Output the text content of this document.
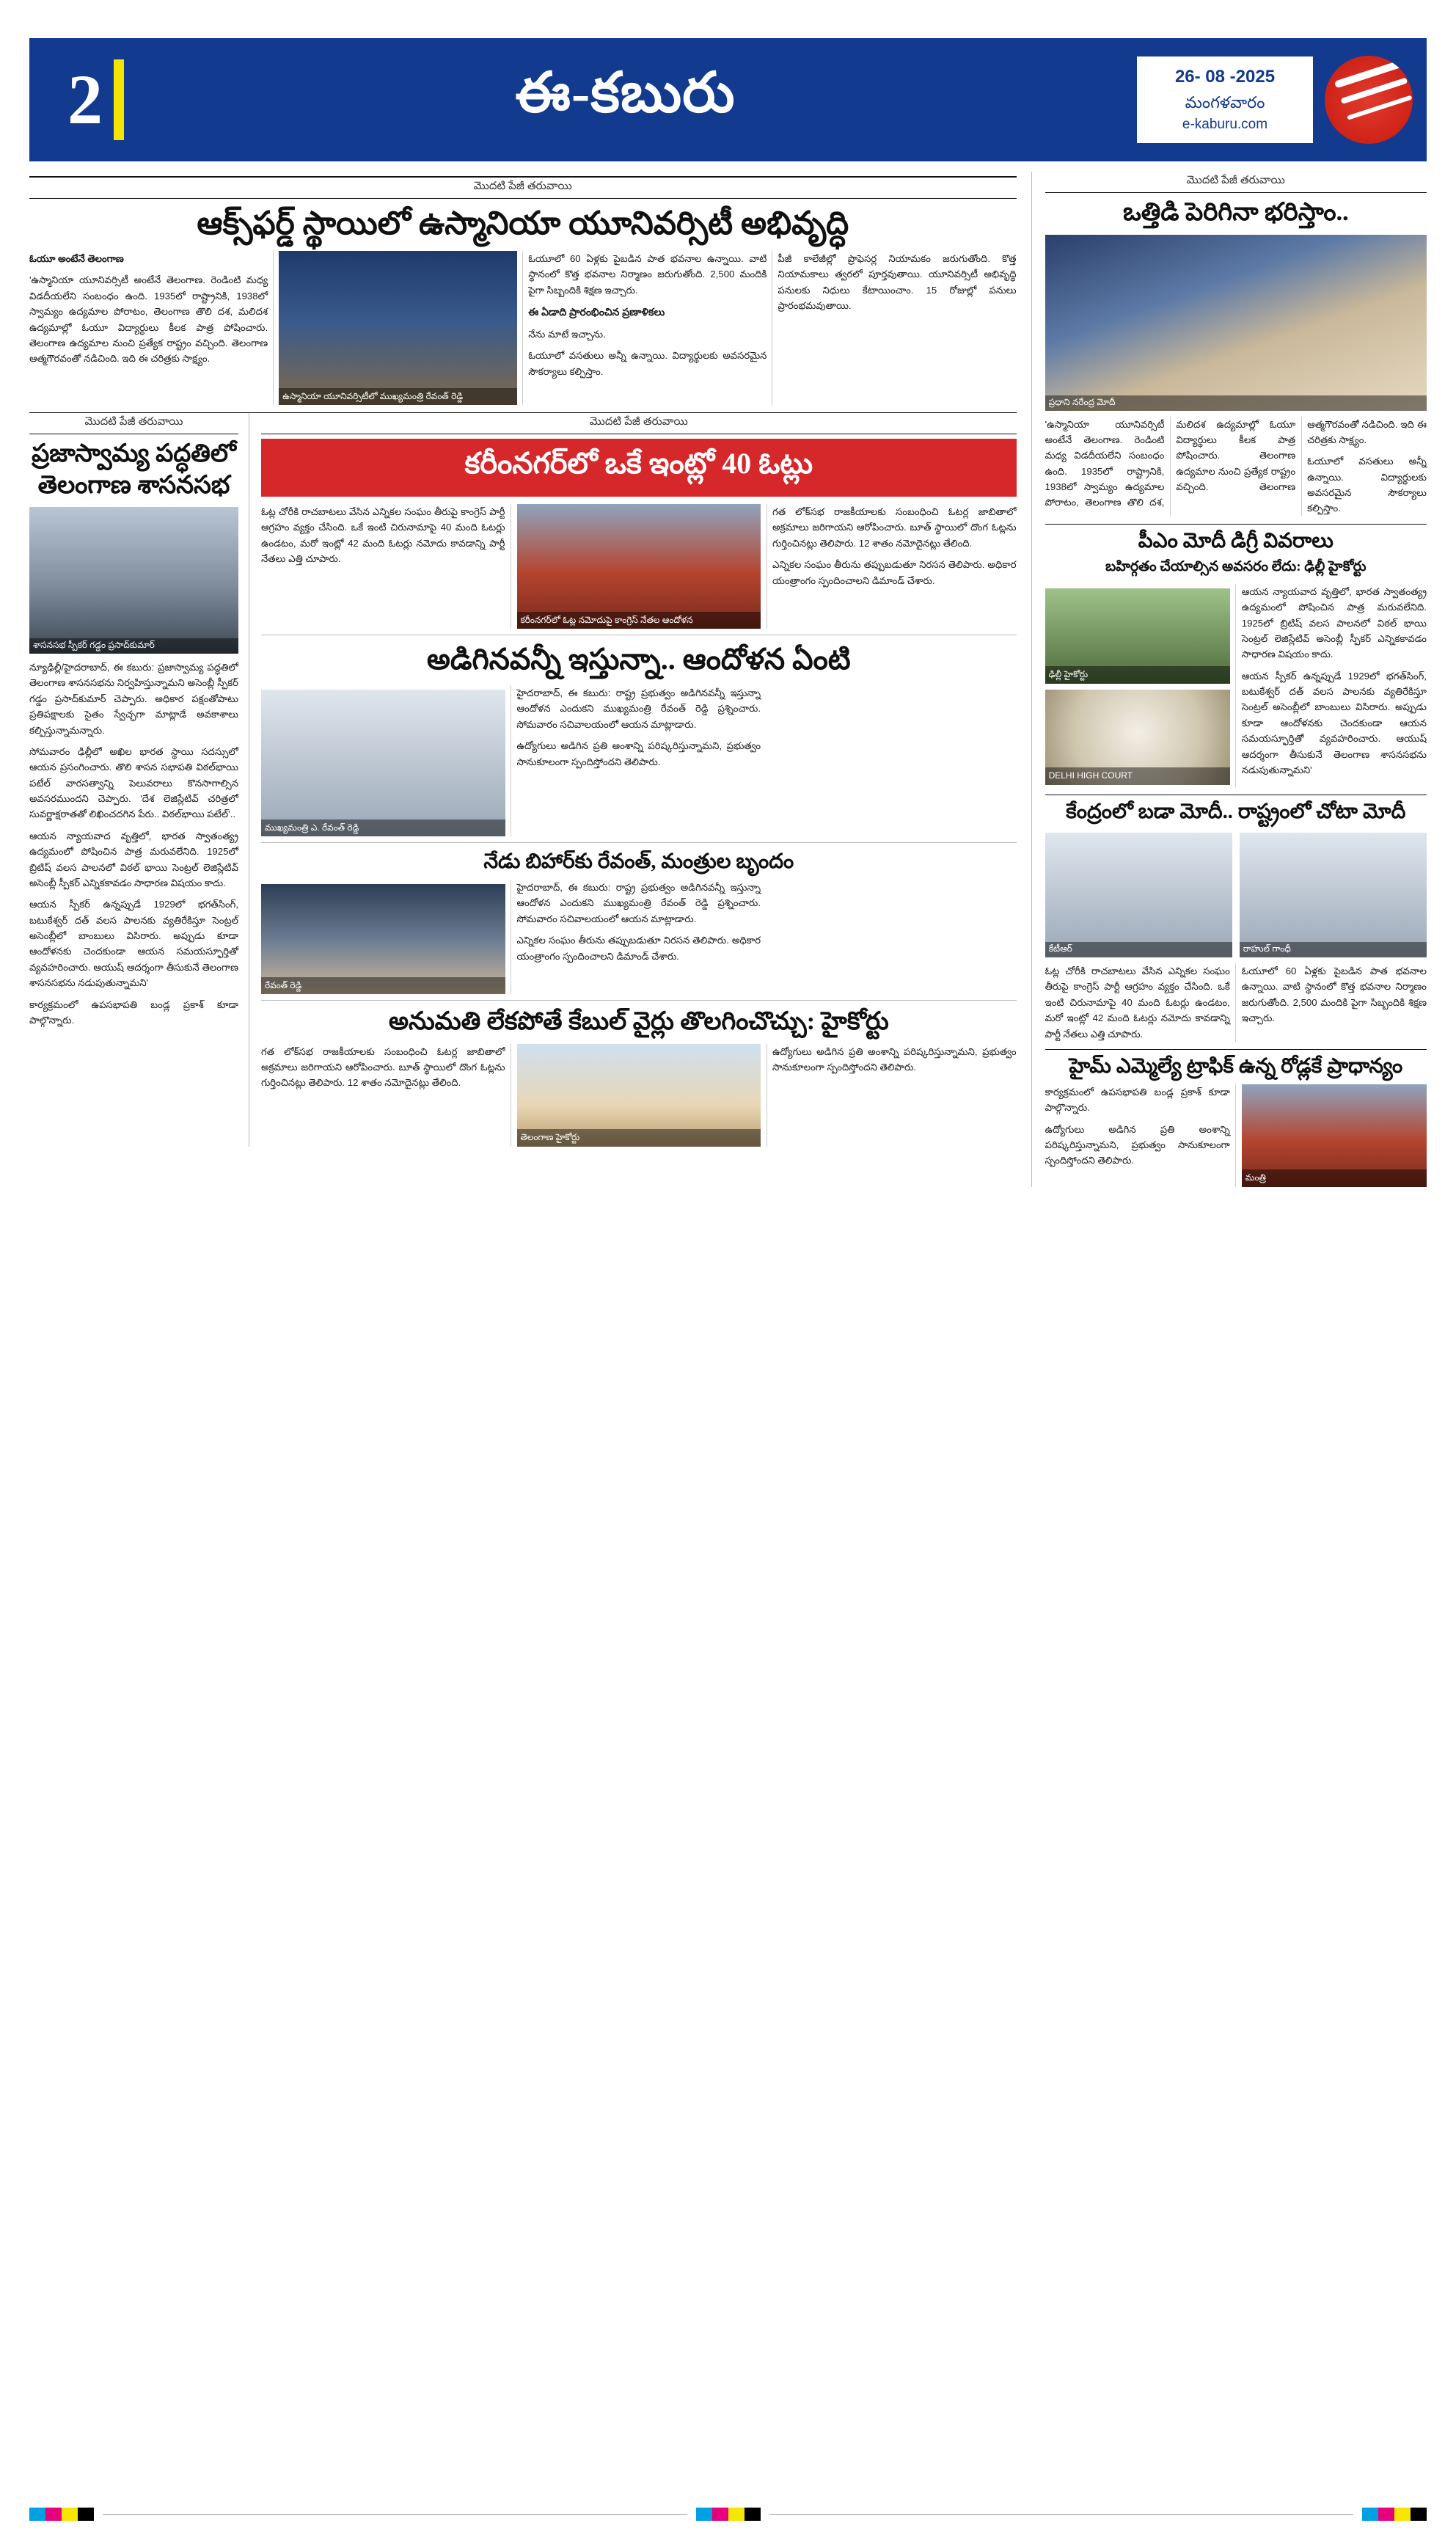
2	ఈ-కబురు	26- 08 -2025
మంగళవారం
e-kaburu.com
మొదటి పేజీ తరువాయి
ఆక్స్‌ఫర్డ్ స్థాయిలో ఉస్మానియా యూనివర్సిటీ అభివృద్ధి

ఓయూ అంటేనే తెలంగాణ

'ఉస్మానియా యూనివర్సిటీ అంటేనే తెలంగాణ. రెండింటి మధ్య విడదీయలేని సంబంధం ఉంది. 1935లో రాష్ట్రానికి, 1938లో స్వామ్యం ఉద్యమాల పోరాటం, తెలంగాణ తొలి దశ, మలిదశ ఉద్యమాల్లో ఓయూ విద్యార్థులు కీలక పాత్ర పోషించారు. తెలంగాణ ఉద్యమాల నుంచి ప్రత్యేక రాష్ట్రం వచ్చింది. తెలంగాణ ఆత్మగౌరవంతో నడిచింది. ఇది ఈ చరిత్రకు సాక్ష్యం.

ఉస్మానియా యూనివర్సిటీలో ముఖ్యమంత్రి రేవంత్ రెడ్డి

ఓయూలో 60 ఏళ్లకు పైబడిన పాత భవనాల ఉన్నాయి. వాటి స్థానంలో కొత్త భవనాల నిర్మాణం జరుగుతోంది. 2,500 మందికి పైగా సిబ్బందికి శిక్షణ ఇచ్చారు.

ఈ ఏడాది ప్రారంభించిన ప్రణాళికలు

నేను మాటే ఇచ్చాను.

ఓయూలో వసతులు అన్నీ ఉన్నాయి. విద్యార్థులకు అవసరమైన సౌకర్యాలు కల్పిస్తాం.

పీజీ కాలేజీల్లో ప్రొఫెసర్ల నియామకం జరుగుతోంది. కొత్త నియామకాలు త్వరలో పూర్తవుతాయి. యూనివర్సిటీ అభివృద్ధి పనులకు నిధులు కేటాయించాం. 15 రోజుల్లో పనులు ప్రారంభమవుతాయి.

మొదటి పేజీ తరువాయి
ప్రజాస్వామ్య పద్ధతిలో తెలంగాణ శాసనసభ
శాసనసభ స్పీకర్ గడ్డం ప్రసాద్‌కుమార్

న్యూఢిల్లీ/హైదరాబాద్, ఈ కబురు: ప్రజాస్వామ్య పద్ధతిలో తెలంగాణ శాసనసభను నిర్వహిస్తున్నామని అసెంబ్లీ స్పీకర్ గడ్డం ప్రసాద్‌కుమార్ చెప్పారు. అధికార పక్షంతోపాటు ప్రతిపక్షాలకు సైతం స్వేచ్ఛగా మాట్లాడే అవకాశాలు కల్పిస్తున్నామన్నారు.

సోమవారం ఢిల్లీలో అఖిల భారత స్థాయి సదస్సులో ఆయన ప్రసంగించారు. తొలి శాసన సభాపతి విఠల్‌భాయి పటేల్ వారసత్వాన్ని పెలువరాలు కొనసాగాల్సిన అవసరముందని చెప్పారు. 'దేశ లెజిస్లేటివ్ చరిత్రలో సువర్ణాక్షరాతతో లిఖించదగిన పేరు.. విఠల్‌భాయి పటేల్'..

ఆయన న్యాయవాద వృత్తిలో, భారత స్వాతంత్య్ర ఉద్యమంలో పోషించిన పాత్ర మరువలేనిది. 1925లో బ్రిటిష్ వలస పాలనలో విఠల్ భాయి సెంట్రల్ లెజిస్లేటివ్ అసెంబ్లీ స్పీకర్ ఎన్నికకావడం సాధారణ విషయం కాదు.

ఆయన స్పీకర్ ఉన్నప్పుడే 1929లో భగత్‌సింగ్, బటుకేశ్వర్ దత్ వలస పాలనకు వ్యతిరేకిస్తూ సెంట్రల్ అసెంబ్లీలో బాంబులు విసిరారు. అప్పుడు కూడా ఆందోళనకు చెందకుండా ఆయన సమయస్ఫూర్తితో వ్యవహరించారు. ఆయుష్ ఆదర్శంగా తీసుకునే తెలంగాణ శాసనసభను నడుపుతున్నామని'

కార్యక్రమంలో ఉపసభాపతి బండ్ల ప్రకాశ్ కూడా పాల్గొన్నారు.

మొదటి పేజీ తరువాయి
కరీంనగర్‌లో ఒకే ఇంట్లో 40 ఓట్లు

ఓట్ల చోరీకి రాచబాటలు వేసిన ఎన్నికల సంఘం తీరుపై కాంగ్రెస్ పార్టీ ఆగ్రహం వ్యక్తం చేసింది. ఒకే ఇంటి చిరునామాపై 40 మంది ఓటర్లు ఉండటం, మరో ఇంట్లో 42 మంది ఓటర్లు నమోదు కావడాన్ని పార్టీ నేతలు ఎత్తి చూపారు.

కరీంనగర్‌లో ఓట్ల నమోదుపై కాంగ్రెస్ నేతల ఆందోళన

గత లోక్‌సభ రాజకీయాలకు సంబంధించి ఓటర్ల జాబితాలో అక్రమాలు జరిగాయని ఆరోపించారు. బూత్ స్థాయిలో దొంగ ఓట్లను గుర్తించినట్లు తెలిపారు. 12 శాతం నమోదైనట్లు తేలింది.

ఎన్నికల సంఘం తీరును తప్పుబడుతూ నిరసన తెలిపారు. అధికార యంత్రాంగం స్పందించాలని డిమాండ్ చేశారు.

అడిగినవన్నీ ఇస్తున్నా.. ఆందోళన ఏంటి
ముఖ్యమంత్రి ఎ. రేవంత్ రెడ్డి

హైదరాబాద్, ఈ కబురు: రాష్ట్ర ప్రభుత్వం అడిగినవన్నీ ఇస్తున్నా ఆందోళన ఎందుకని ముఖ్యమంత్రి రేవంత్ రెడ్డి ప్రశ్నించారు. సోమవారం సచివాలయంలో ఆయన మాట్లాడారు.

ఉద్యోగులు అడిగిన ప్రతి అంశాన్ని పరిష్కరిస్తున్నామని, ప్రభుత్వం సానుకూలంగా స్పందిస్తోందని తెలిపారు.

నేడు బిహార్‌కు రేవంత్, మంత్రుల బృందం
రేవంత్ రెడ్డి

హైదరాబాద్, ఈ కబురు: రాష్ట్ర ప్రభుత్వం అడిగినవన్నీ ఇస్తున్నా ఆందోళన ఎందుకని ముఖ్యమంత్రి రేవంత్ రెడ్డి ప్రశ్నించారు. సోమవారం సచివాలయంలో ఆయన మాట్లాడారు.

ఎన్నికల సంఘం తీరును తప్పుబడుతూ నిరసన తెలిపారు. అధికార యంత్రాంగం స్పందించాలని డిమాండ్ చేశారు.

అనుమతి లేకపోతే కేబుల్ వైర్లు తొలగించొచ్చు: హైకోర్టు

గత లోక్‌సభ రాజకీయాలకు సంబంధించి ఓటర్ల జాబితాలో అక్రమాలు జరిగాయని ఆరోపించారు. బూత్ స్థాయిలో దొంగ ఓట్లను గుర్తించినట్లు తెలిపారు. 12 శాతం నమోదైనట్లు తేలింది.

తెలంగాణ హైకోర్టు

ఉద్యోగులు అడిగిన ప్రతి అంశాన్ని పరిష్కరిస్తున్నామని, ప్రభుత్వం సానుకూలంగా స్పందిస్తోందని తెలిపారు.

మొదటి పేజీ తరువాయి
ఒత్తిడి పెరిగినా భరిస్తాం..
ప్రధాని నరేంద్ర మోదీ

'ఉస్మానియా యూనివర్సిటీ అంటేనే తెలంగాణ. రెండింటి మధ్య విడదీయలేని సంబంధం ఉంది. 1935లో రాష్ట్రానికి, 1938లో స్వామ్యం ఉద్యమాల పోరాటం, తెలంగాణ తొలి దశ, మలిదశ ఉద్యమాల్లో ఓయూ విద్యార్థులు కీలక పాత్ర పోషించారు. తెలంగాణ ఉద్యమాల నుంచి ప్రత్యేక రాష్ట్రం వచ్చింది. తెలంగాణ ఆత్మగౌరవంతో నడిచింది. ఇది ఈ చరిత్రకు సాక్ష్యం.

ఓయూలో వసతులు అన్నీ ఉన్నాయి. విద్యార్థులకు అవసరమైన సౌకర్యాలు కల్పిస్తాం.

పీఎం మోదీ డిగ్రీ వివరాలు
బహిర్గతం చేయాల్సిన అవసరం లేదు: ఢిల్లీ హైకోర్టు
ఢిల్లీ హైకోర్టు
DELHI HIGH COURT

ఆయన న్యాయవాద వృత్తిలో, భారత స్వాతంత్య్ర ఉద్యమంలో పోషించిన పాత్ర మరువలేనిది. 1925లో బ్రిటిష్ వలస పాలనలో విఠల్ భాయి సెంట్రల్ లెజిస్లేటివ్ అసెంబ్లీ స్పీకర్ ఎన్నికకావడం సాధారణ విషయం కాదు.

ఆయన స్పీకర్ ఉన్నప్పుడే 1929లో భగత్‌సింగ్, బటుకేశ్వర్ దత్ వలస పాలనకు వ్యతిరేకిస్తూ సెంట్రల్ అసెంబ్లీలో బాంబులు విసిరారు. అప్పుడు కూడా ఆందోళనకు చెందకుండా ఆయన సమయస్ఫూర్తితో వ్యవహరించారు. ఆయుష్ ఆదర్శంగా తీసుకునే తెలంగాణ శాసనసభను నడుపుతున్నామని'

కేంద్రంలో బడా మోదీ.. రాష్ట్రంలో చోటా మోదీ
కేటీఆర్	రాహుల్ గాంధీ

ఓట్ల చోరీకి రాచబాటలు వేసిన ఎన్నికల సంఘం తీరుపై కాంగ్రెస్ పార్టీ ఆగ్రహం వ్యక్తం చేసింది. ఒకే ఇంటి చిరునామాపై 40 మంది ఓటర్లు ఉండటం, మరో ఇంట్లో 42 మంది ఓటర్లు నమోదు కావడాన్ని పార్టీ నేతలు ఎత్తి చూపారు.

ఓయూలో 60 ఏళ్లకు పైబడిన పాత భవనాల ఉన్నాయి. వాటి స్థానంలో కొత్త భవనాల నిర్మాణం జరుగుతోంది. 2,500 మందికి పైగా సిబ్బందికి శిక్షణ ఇచ్చారు.

హైమ్ ఎమ్మెల్యే ట్రాఫిక్ ఉన్న రోడ్లకే ప్రాధాన్యం

కార్యక్రమంలో ఉపసభాపతి బండ్ల ప్రకాశ్ కూడా పాల్గొన్నారు.

ఉద్యోగులు అడిగిన ప్రతి అంశాన్ని పరిష్కరిస్తున్నామని, ప్రభుత్వం సానుకూలంగా స్పందిస్తోందని తెలిపారు.

మంత్రి
